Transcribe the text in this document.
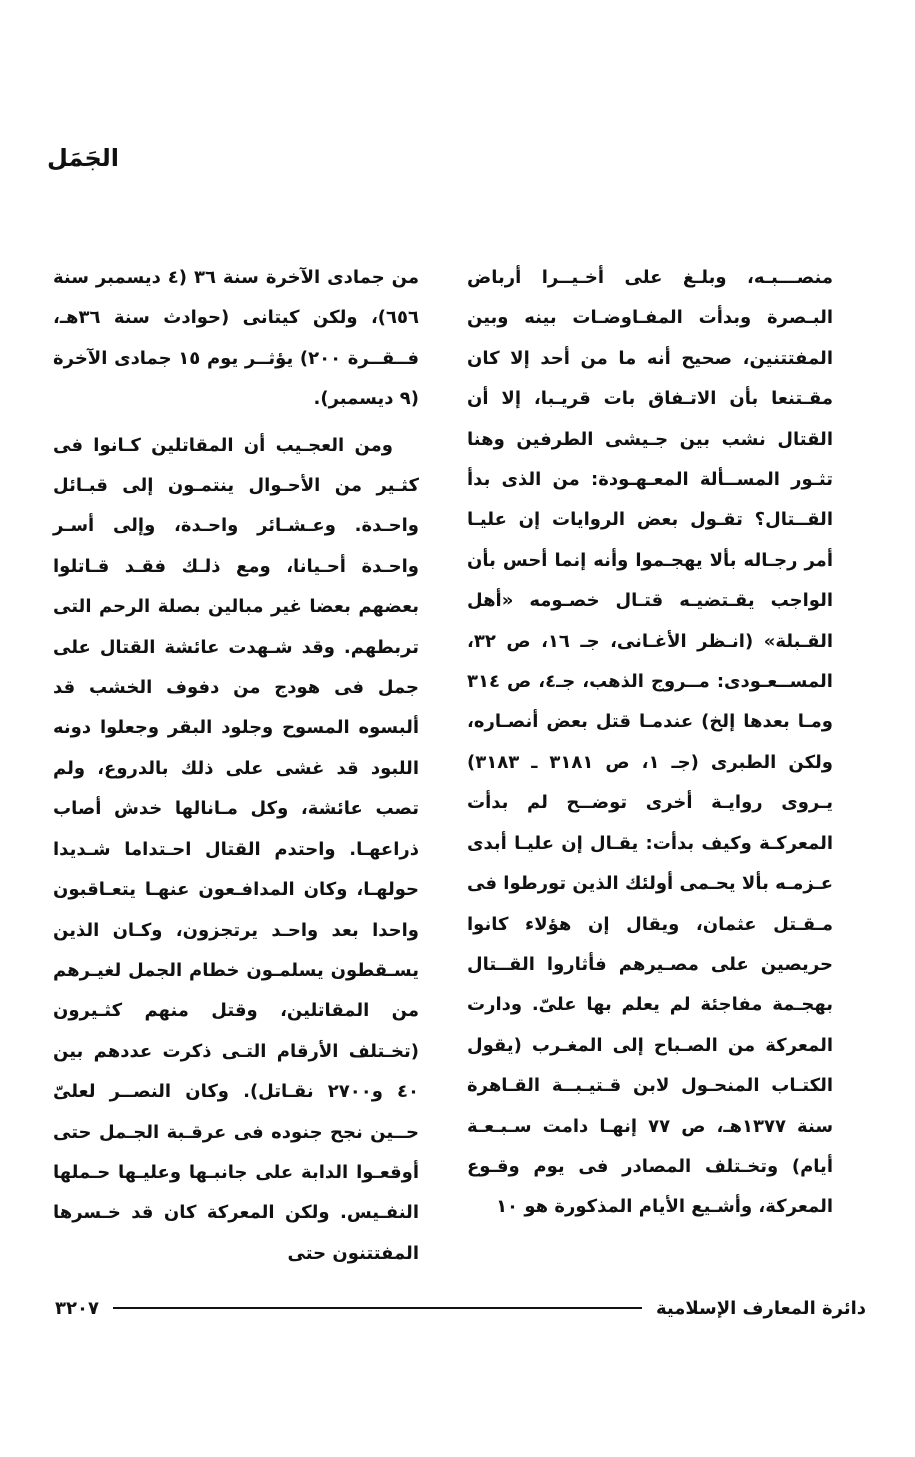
الجَمَل

منصـــبـه، وبلـغ على أخـيــرا أرباض البـصرة وبدأت المفـاوضـات بينه وبين المفتتنين، صحيح أنه ما من أحد إلا كان مقـتنعا بأن الاتـفاق بات قريـبا، إلا أن القتال نشب بين جـيشى الطرفين وهنا تثـور المســألة المعـهـودة: من الذى بدأ القــتال؟ تقـول بعض الروايات إن عليـا أمر رجـاله بألا يهجـموا وأنه إنما أحس بأن الواجب يقـتضيـه قتـال خصـومه «أهل القـبلة» (انـظر الأغـانى، جـ ١٦، ص ٣٢، المســعـودى: مــروج الذهب، جـ٤، ص ٣١٤ ومـا بعدها إلخ) عندمـا قتل بعض أنصـاره، ولكن الطبرى (جـ ١، ص ٣١٨١ ـ ٣١٨٣) يـروى روايـة أخرى توضــح لم بدأت المعركـة وكيف بدأت: يقـال إن عليـا أبدى عـزمـه بألا يحـمى أولئك الذين تورطوا فى مـقـتل عثمان، ويقال إن هؤلاء كانوا حريصين على مصـيرهم فأثاروا القــتال بهجـمة مفاجئة لم يعلم بها علىّ. ودارت المعركة من الصـباح إلى المغـرب (يقول الكتـاب المنحـول لابن قـتيـبــة القـاهرة سنة ١٣٧٧هـ، ص ٧٧ إنهـا دامت سـبـعـة أيام) وتخـتلف المصادر فى يوم وقـوع المعركة، وأشـيع الأيام المذكورة هو ١٠

من جمادى الآخرة سنة ٣٦ (٤ ديسمبر سنة ٦٥٦)، ولكن كيتانى (حوادث سنة ٣٦هـ، فــقــرة ٢٠٠) يؤثــر يوم ١٥ جمادى الآخرة (٩ ديسمبر).

ومن العجـيب أن المقاتلين كـانوا فى كثـير من الأحـوال ينتمـون إلى قبـائل واحـدة. وعـشـائر واحـدة، وإلى أسـر واحـدة أحـيانا، ومع ذلـك فقـد قـاتلوا بعضهم بعضا غير مبالين بصلة الرحم التى تربطهم. وقد شـهدت عائشة القتال على جمل فى هودج من دفوف الخشب قد ألبسوه المسوح وجلود البقر وجعلوا دونه اللبود قد غشى على ذلك بالدروع، ولم تصب عائشة، وكل مـانالها خدش أصاب ذراعهـا. واحتدم القتال احـتداما شـديدا حولهـا، وكان المدافـعون عنهـا يتعـاقبون واحدا بعد واحـد يرتجزون، وكـان الذين يسـقطون يسلمـون خطام الجمل لغيـرهم من المقاتلين، وقتل منهم كثـيرون (تخـتلف الأرقام التـى ذكرت عددهم بين ٤٠ و٢٧٠٠ نقـاتل). وكان النصــر لعلىّ حــين نجح جنوده فى عرقـبة الجـمل حتى أوقعـوا الدابة على جانبـها وعليـها حـملها النفـيس. ولكن المعركة كان قد خـسرها المفتتنون حتى

دائرة المعارف الإسلامية
٣٢٠٧
